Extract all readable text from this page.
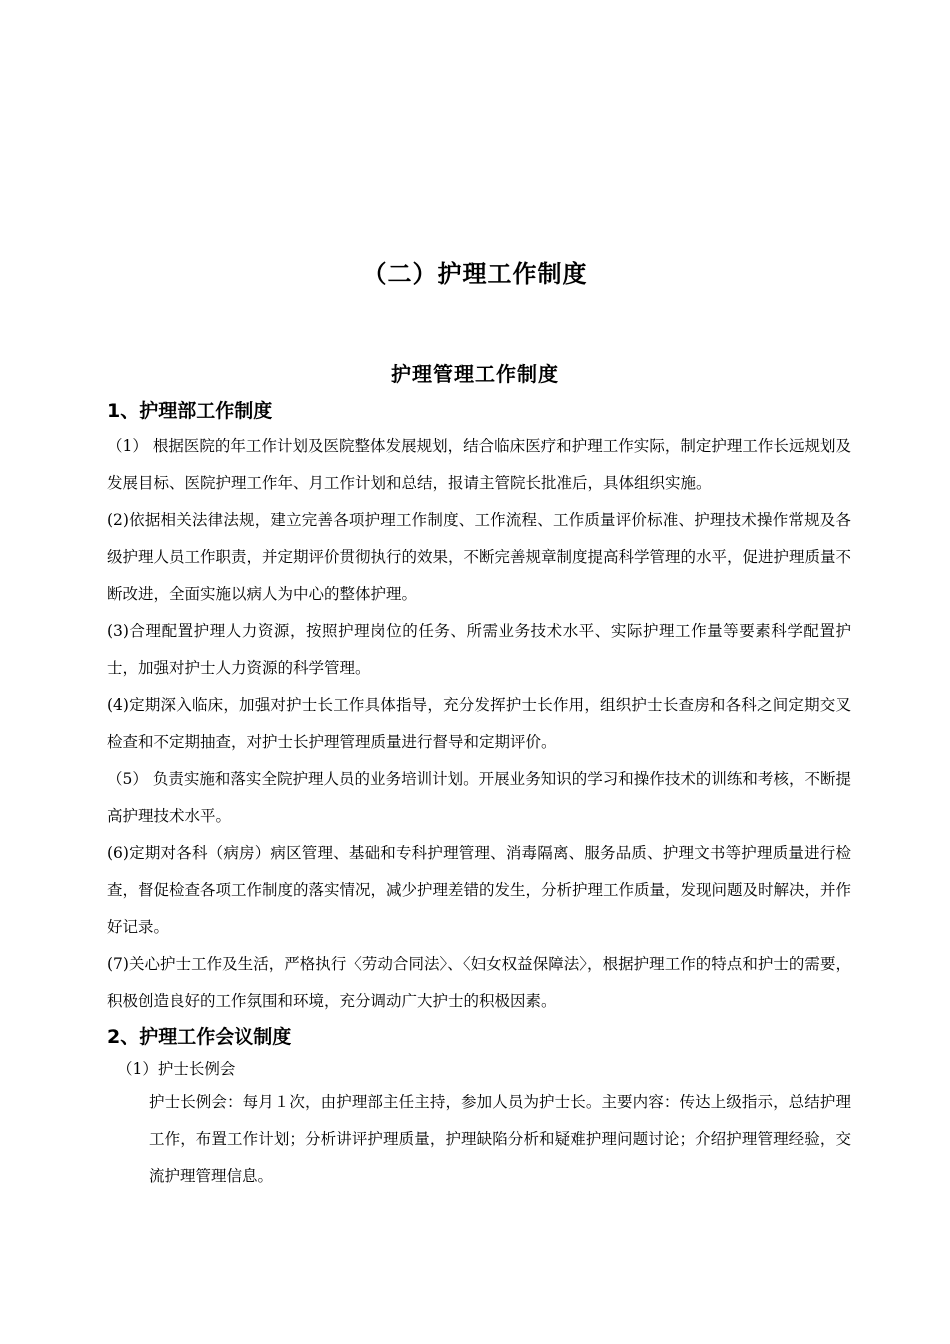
（二）护理工作制度
护理管理工作制度
1、护理部工作制度

（1） 根据医院的年工作计划及医院整体发展规划，结合临床医疗和护理工作实际，制定护理工作长远规划及发展目标、医院护理工作年、月工作计划和总结，报请主管院长批准后，具体组织实施。

(2)依据相关法律法规，建立完善各项护理工作制度、工作流程、工作质量评价标准、护理技术操作常规及各级护理人员工作职责，并定期评价贯彻执行的效果，不断完善规章制度提高科学管理的水平，促进护理质量不断改进，全面实施以病人为中心的整体护理。

(3)合理配置护理人力资源，按照护理岗位的任务、所需业务技术水平、实际护理工作量等要素科学配置护士，加强对护士人力资源的科学管理。

(4)定期深入临床，加强对护士长工作具体指导，充分发挥护士长作用，组织护士长查房和各科之间定期交叉检查和不定期抽查，对护士长护理管理质量进行督导和定期评价。

（5） 负责实施和落实全院护理人员的业务培训计划。开展业务知识的学习和操作技术的训练和考核，不断提高护理技术水平。

(6)定期对各科（病房）病区管理、基础和专科护理管理、消毒隔离、服务品质、护理文书等护理质量进行检查，督促检查各项工作制度的落实情况，减少护理差错的发生，分析护理工作质量，发现问题及时解决，并作好记录。

(7)关心护士工作及生活，严格执行〈劳动合同法〉、〈妇女权益保障法〉，根据护理工作的特点和护士的需要，积极创造良好的工作氛围和环境，充分调动广大护士的积极因素。

2、护理工作会议制度

（1）护士长例会

护士长例会：每月１次，由护理部主任主持，参加人员为护士长。主要内容：传达上级指示，总结护理工作，布置工作计划；分析讲评护理质量，护理缺陷分析和疑难护理问题讨论；介绍护理管理经验，交流护理管理信息。
